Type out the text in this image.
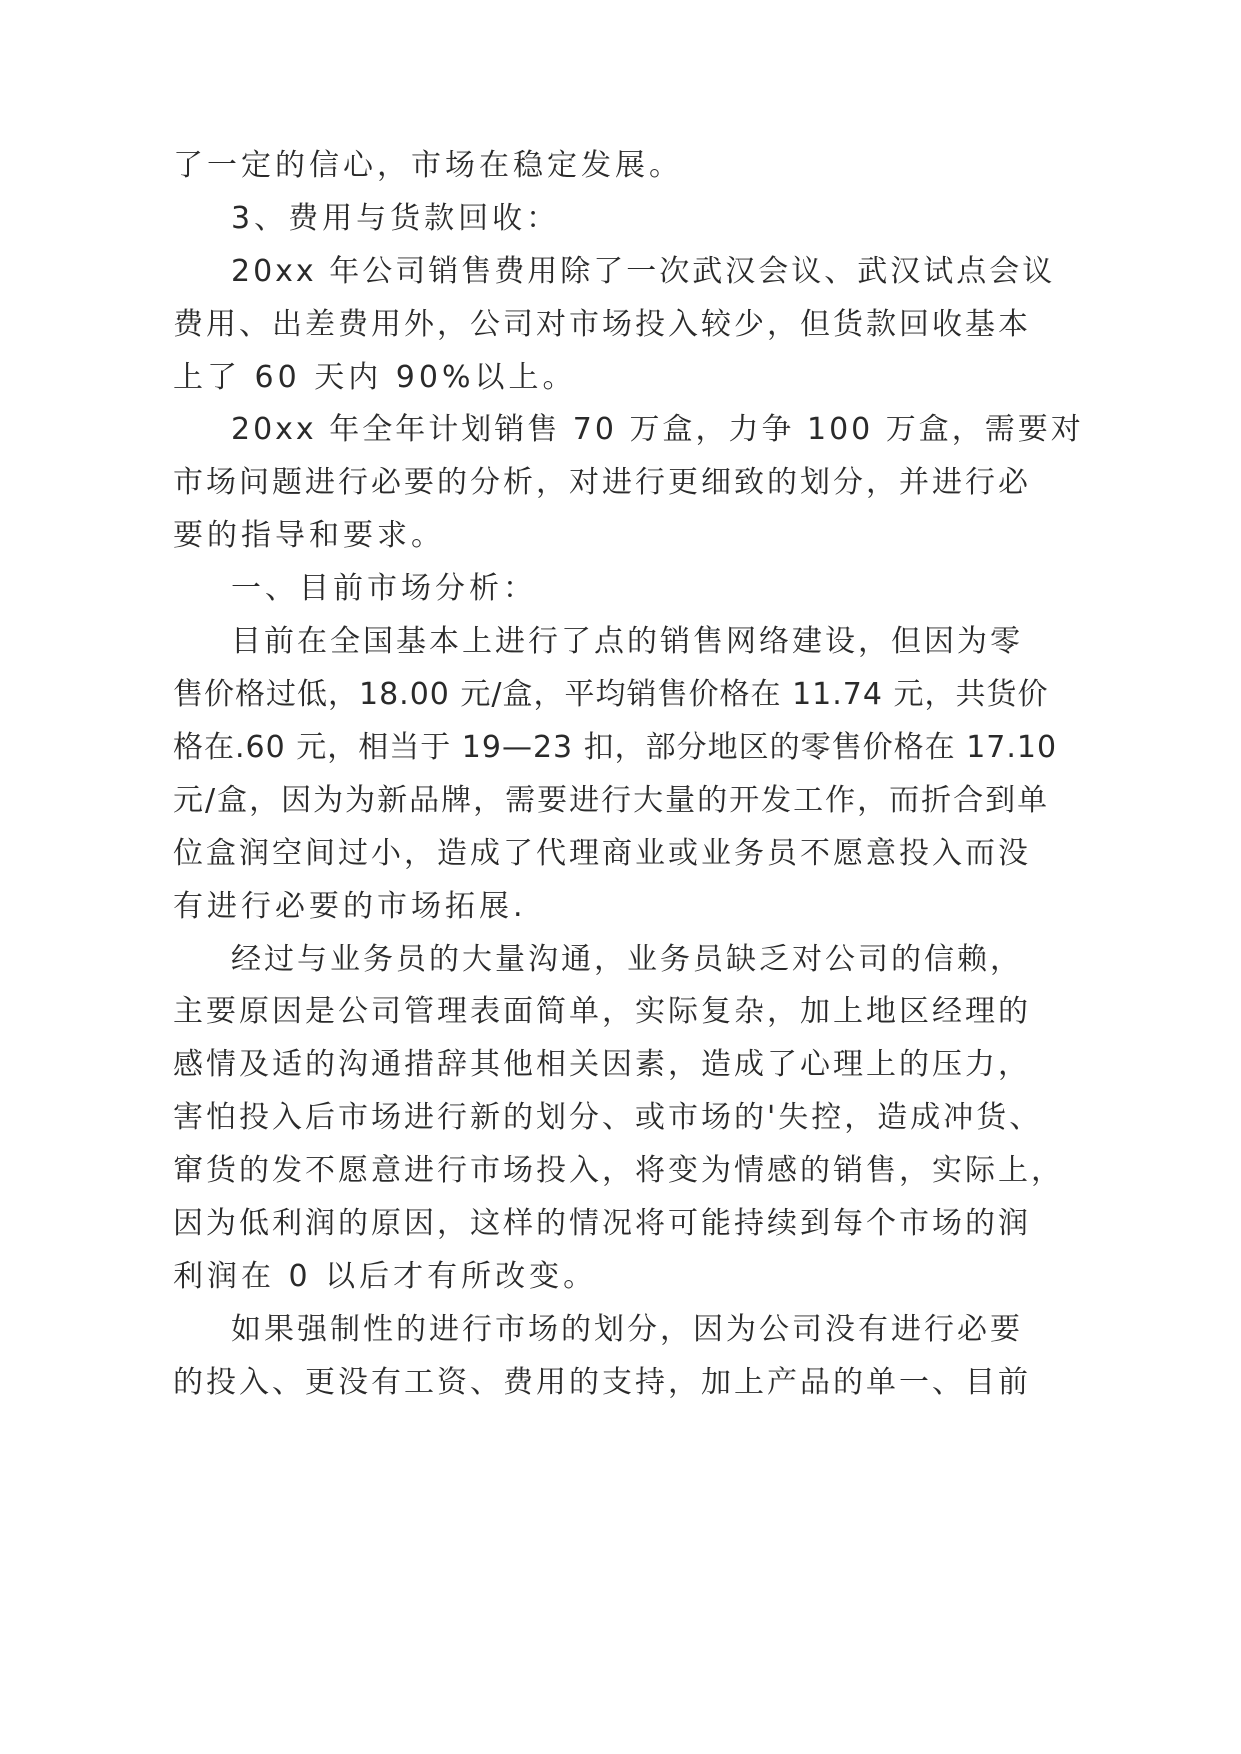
了一定的信心，市场在稳定发展。
3、费用与货款回收：
20xx 年公司销售费用除了一次武汉会议、武汉试点会议
费用、出差费用外，公司对市场投入较少，但货款回收基本
上了 60 天内 90%以上。
20xx 年全年计划销售 70 万盒，力争 100 万盒，需要对
市场问题进行必要的分析，对进行更细致的划分，并进行必
要的指导和要求。
一、目前市场分析：
目前在全国基本上进行了点的销售网络建设，但因为零
售价格过低，18.00 元/盒，平均销售价格在 11.74 元，共货价
格在.60 元，相当于 19—23 扣，部分地区的零售价格在 17.10
元/盒，因为为新品牌，需要进行大量的开发工作，而折合到单
位盒润空间过小，造成了代理商业或业务员不愿意投入而没
有进行必要的市场拓展.
经过与业务员的大量沟通，业务员缺乏对公司的信赖，
主要原因是公司管理表面简单，实际复杂，加上地区经理的
感情及适的沟通措辞其他相关因素，造成了心理上的压力，
害怕投入后市场进行新的划分、或市场的'失控，造成冲货、
窜货的发不愿意进行市场投入，将变为情感的销售，实际上，
因为低利润的原因，这样的情况将可能持续到每个市场的润
利润在 0 以后才有所改变。
如果强制性的进行市场的划分，因为公司没有进行必要
的投入、更没有工资、费用的支持，加上产品的单一、目前
